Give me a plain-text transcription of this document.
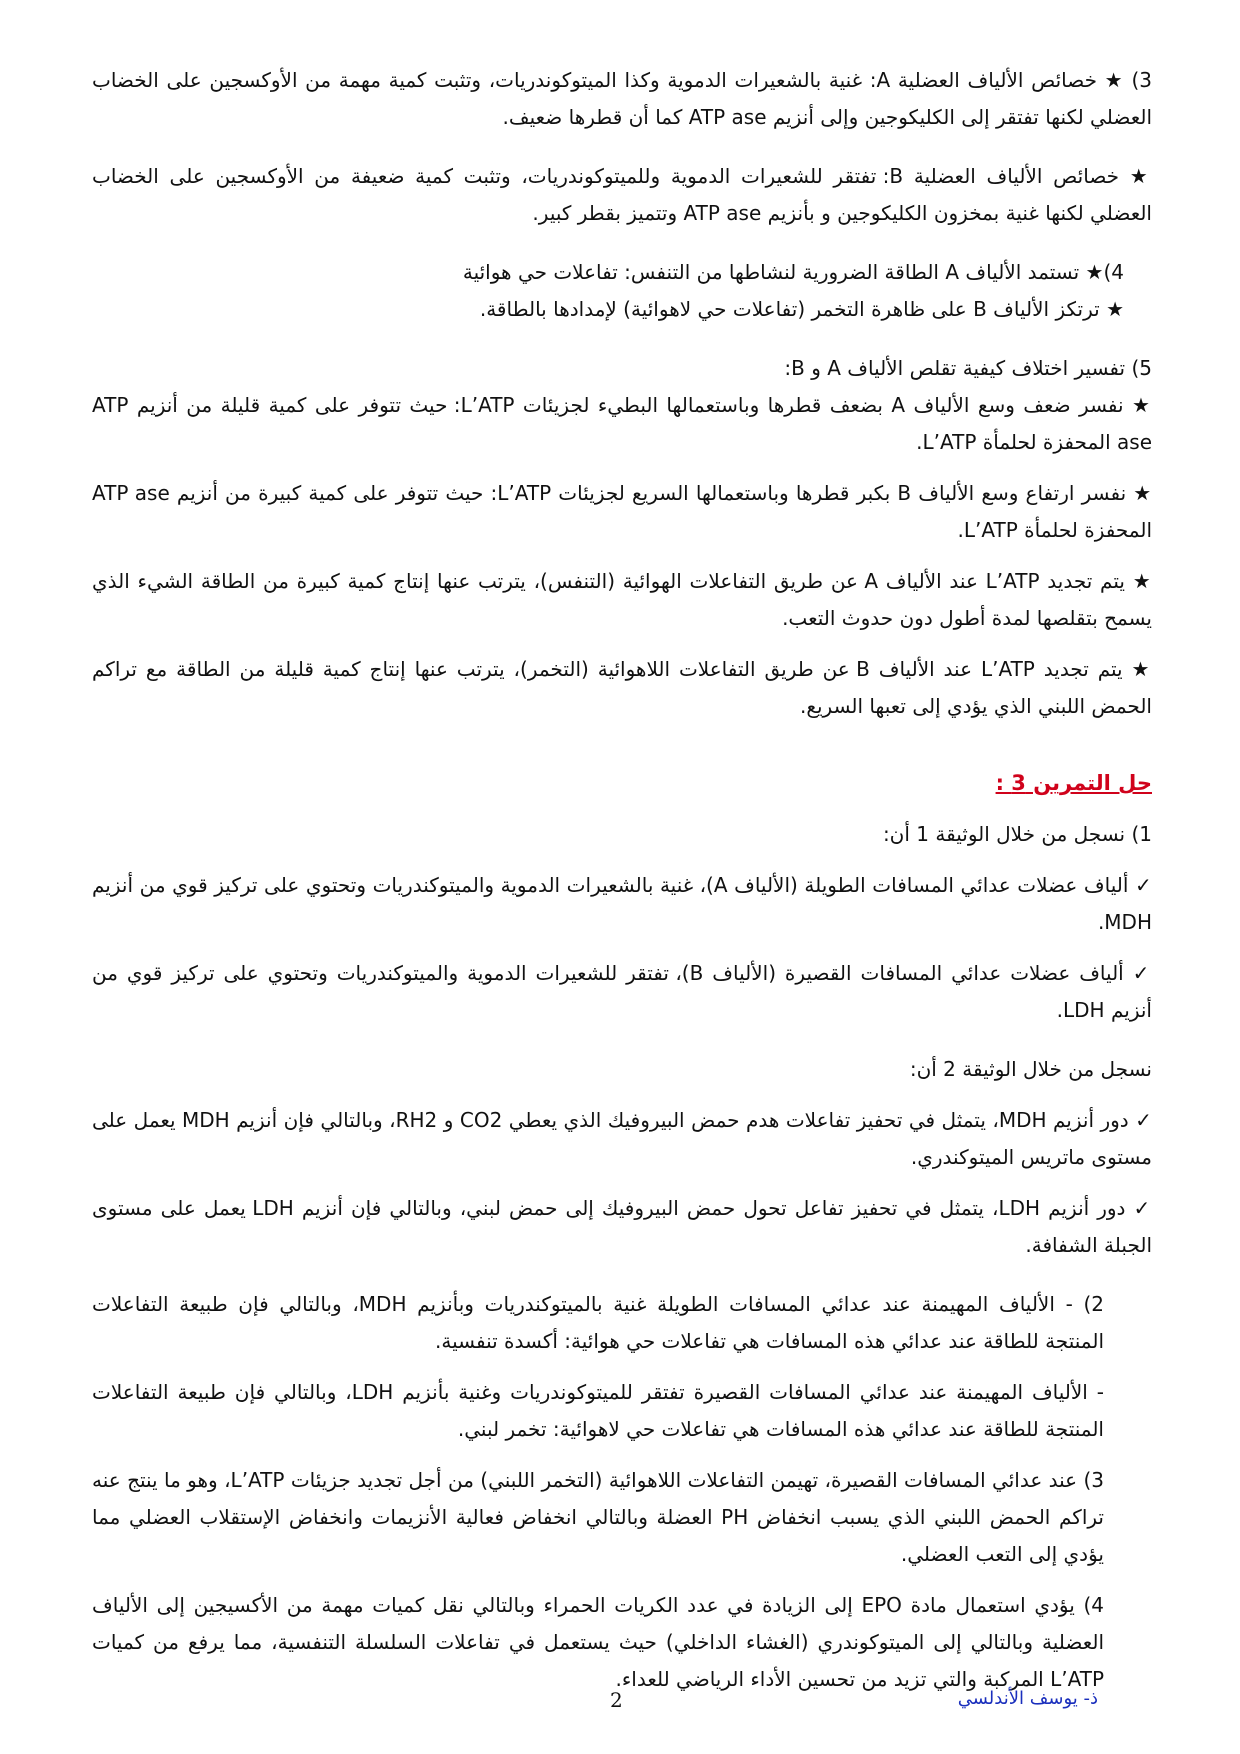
3) ★ خصائص الألياف العضلية A: غنية بالشعيرات الدموية وكذا الميتوكوندريات، وتثبت كمية مهمة من الأوكسجين على الخضاب العضلي لكنها تفتقر إلى الكليكوجين وإلى أنزيم ATP ase كما أن قطرها ضعيف.

★ خصائص الألياف العضلية B: تفتقر للشعيرات الدموية وللميتوكوندريات، وتثبت كمية ضعيفة من الأوكسجين على الخضاب العضلي لكنها غنية بمخزون الكليكوجين و بأنزيم ATP ase وتتميز بقطر كبير.

4)★ تستمد الألياف A الطاقة الضرورية لنشاطها من التنفس: تفاعلات حي هوائية

★ ترتكز الألياف B على ظاهرة التخمر (تفاعلات حي لاهوائية) لإمدادها بالطاقة.

5) تفسير اختلاف كيفية تقلص الألياف A و B:

★ نفسر ضعف وسع الألياف A بضعف قطرها وباستعمالها البطيء لجزيئات L’ATP: حيث تتوفر على كمية قليلة من أنزيم ATP ase المحفزة لحلمأة L’ATP.

★ نفسر ارتفاع وسع الألياف B بكبر قطرها وباستعمالها السريع لجزيئات L’ATP: حيث تتوفر على كمية كبيرة من أنزيم ATP ase المحفزة لحلمأة L’ATP.

★ يتم تجديد L’ATP عند الألياف A عن طريق التفاعلات الهوائية (التنفس)، يترتب عنها إنتاج كمية كبيرة من الطاقة الشيء الذي يسمح بتقلصها لمدة أطول دون حدوث التعب.

★ يتم تجديد L’ATP عند الألياف B عن طريق التفاعلات اللاهوائية (التخمر)، يترتب عنها إنتاج كمية قليلة من الطاقة مع تراكم الحمض اللبني الذي يؤدي إلى تعبها السريع.

حل التمرين 3 :

1) نسجل من خلال الوثيقة 1 أن:

✓ ألياف عضلات عدائي المسافات الطويلة (الألياف A)، غنية بالشعيرات الدموية والميتوكندريات وتحتوي على تركيز قوي من أنزيم MDH.

✓ ألياف عضلات عدائي المسافات القصيرة (الألياف B)، تفتقر للشعيرات الدموية والميتوكندريات وتحتوي على تركيز قوي من أنزيم LDH.

نسجل من خلال الوثيقة 2 أن:

✓ دور أنزيم MDH، يتمثل في تحفيز تفاعلات هدم حمض البيروفيك الذي يعطي CO2 و RH2، وبالتالي فإن أنزيم MDH يعمل على مستوى ماتريس الميتوكندري.

✓ دور أنزيم LDH، يتمثل في تحفيز تفاعل تحول حمض البيروفيك إلى حمض لبني، وبالتالي فإن أنزيم LDH يعمل على مستوى الجبلة الشفافة.

2) - الألياف المهيمنة عند عدائي المسافات الطويلة غنية بالميتوكندريات وبأنزيم MDH، وبالتالي فإن طبيعة التفاعلات المنتجة للطاقة عند عدائي هذه المسافات هي تفاعلات حي هوائية: أكسدة تنفسية.

- الألياف المهيمنة عند عدائي المسافات القصيرة تفتقر للميتوكوندريات وغنية بأنزيم LDH، وبالتالي فإن طبيعة التفاعلات المنتجة للطاقة عند عدائي هذه المسافات هي تفاعلات حي لاهوائية: تخمر لبني.

3) عند عدائي المسافات القصيرة، تهيمن التفاعلات اللاهوائية (التخمر اللبني) من أجل تجديد جزيئات L’ATP، وهو ما ينتج عنه تراكم الحمض اللبني الذي يسبب انخفاض PH العضلة وبالتالي انخفاض فعالية الأنزيمات وانخفاض الإستقلاب العضلي مما يؤدي إلى التعب العضلي.

4) يؤدي استعمال مادة EPO إلى الزيادة في عدد الكريات الحمراء وبالتالي نقل كميات مهمة من الأكسيجين إلى الألياف العضلية وبالتالي إلى الميتوكوندري (الغشاء الداخلي) حيث يستعمل في تفاعلات السلسلة التنفسية، مما يرفع من كميات L’ATP المركبة والتي تزيد من تحسين الأداء الرياضي للعداء.

2	ذ- يوسف الأندلسي
